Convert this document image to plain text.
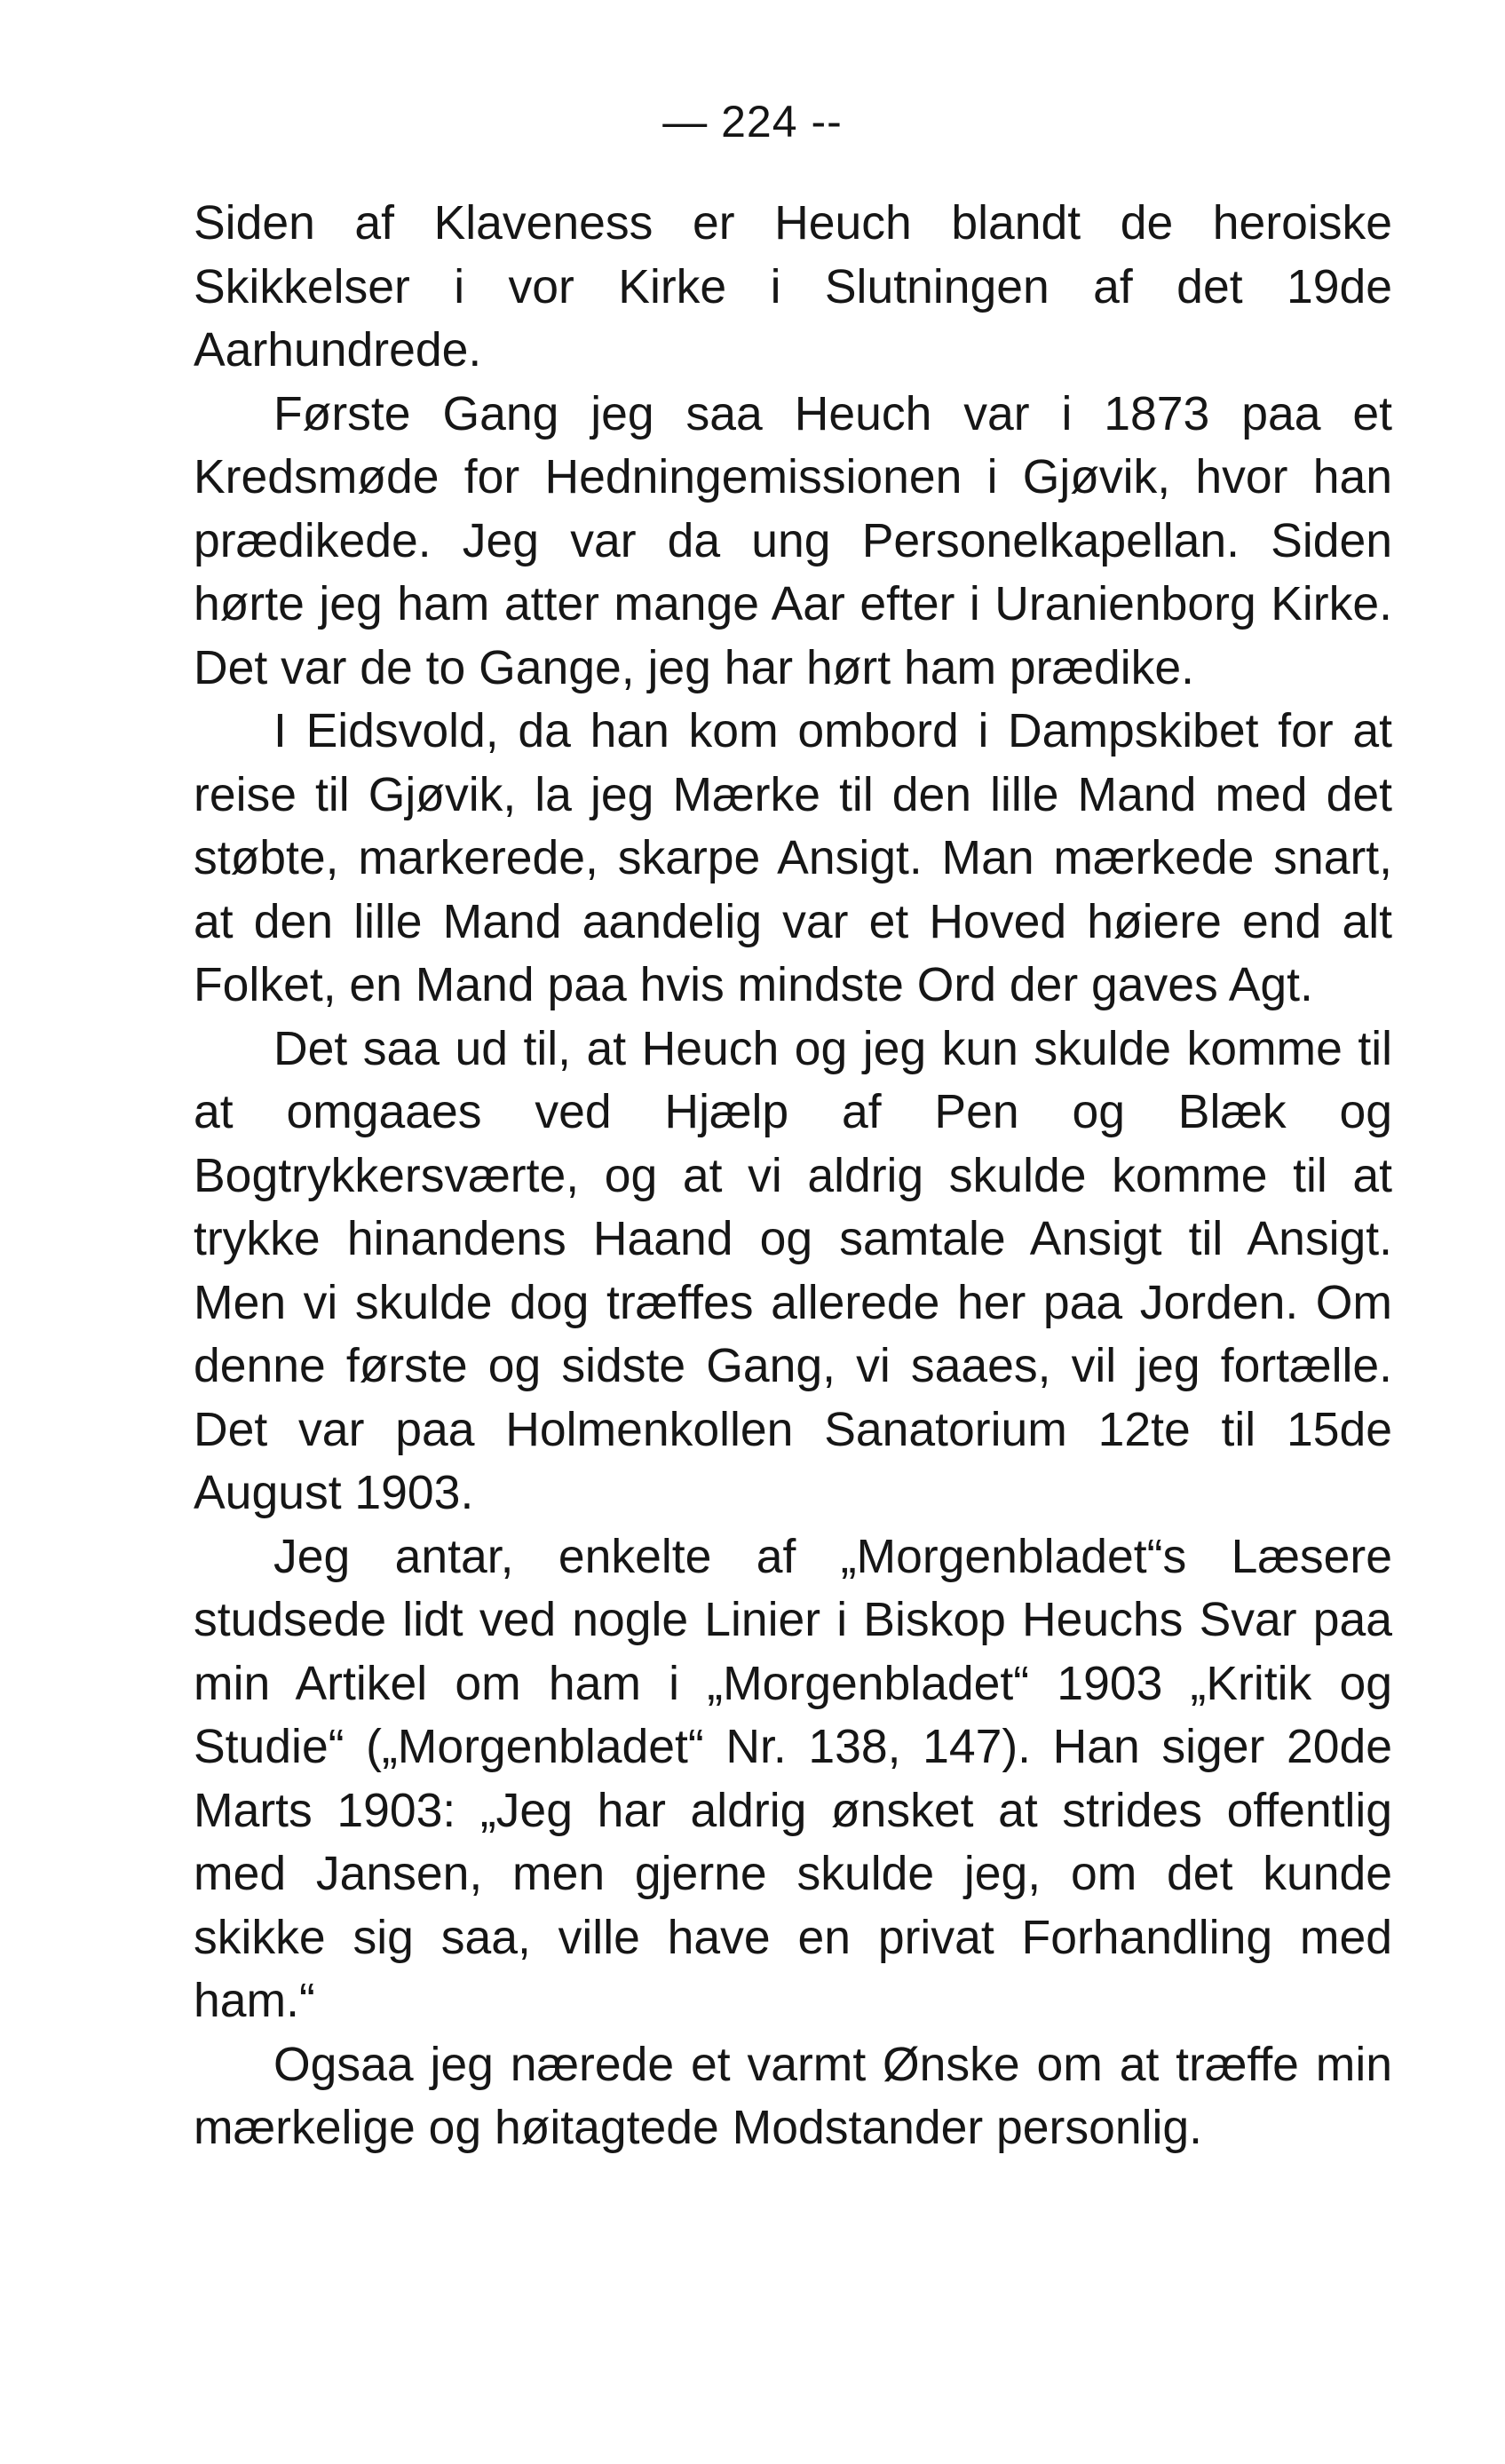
— 224 --

Siden af Klaveness er Heuch blandt de heroiske Skikkelser i vor Kirke i Slutningen af det 19de Aarhundrede.

Første Gang jeg saa Heuch var i 1873 paa et Kredsmøde for Hedningemissionen i Gjøvik, hvor han prædikede. Jeg var da ung Personelkapellan. Siden hørte jeg ham atter mange Aar efter i Uranienborg Kirke. Det var de to Gange, jeg har hørt ham prædike.

I Eidsvold, da han kom ombord i Dampskibet for at reise til Gjøvik, la jeg Mærke til den lille Mand med det støbte, markerede, skarpe Ansigt. Man mærkede snart, at den lille Mand aandelig var et Hoved høiere end alt Folket, en Mand paa hvis mindste Ord der gaves Agt.

Det saa ud til, at Heuch og jeg kun skulde komme til at omgaaes ved Hjælp af Pen og Blæk og Bogtrykkersværte, og at vi aldrig skulde komme til at trykke hinandens Haand og samtale Ansigt til Ansigt. Men vi skulde dog træffes allerede her paa Jorden. Om denne første og sidste Gang, vi saaes, vil jeg fortælle. Det var paa Holmenkollen Sanatorium 12te til 15de August 1903.

Jeg antar, enkelte af „Morgenbladet“s Læsere studsede lidt ved nogle Linier i Biskop Heuchs Svar paa min Artikel om ham i „Morgenbladet“ 1903 „Kritik og Studie“ („Morgenbladet“ Nr. 138, 147). Han siger 20de Marts 1903: „Jeg har aldrig ønsket at strides offentlig med Jansen, men gjerne skulde jeg, om det kunde skikke sig saa, ville have en privat Forhandling med ham.“

Ogsaa jeg nærede et varmt Ønske om at træffe min mærkelige og høitagtede Modstander personlig.
